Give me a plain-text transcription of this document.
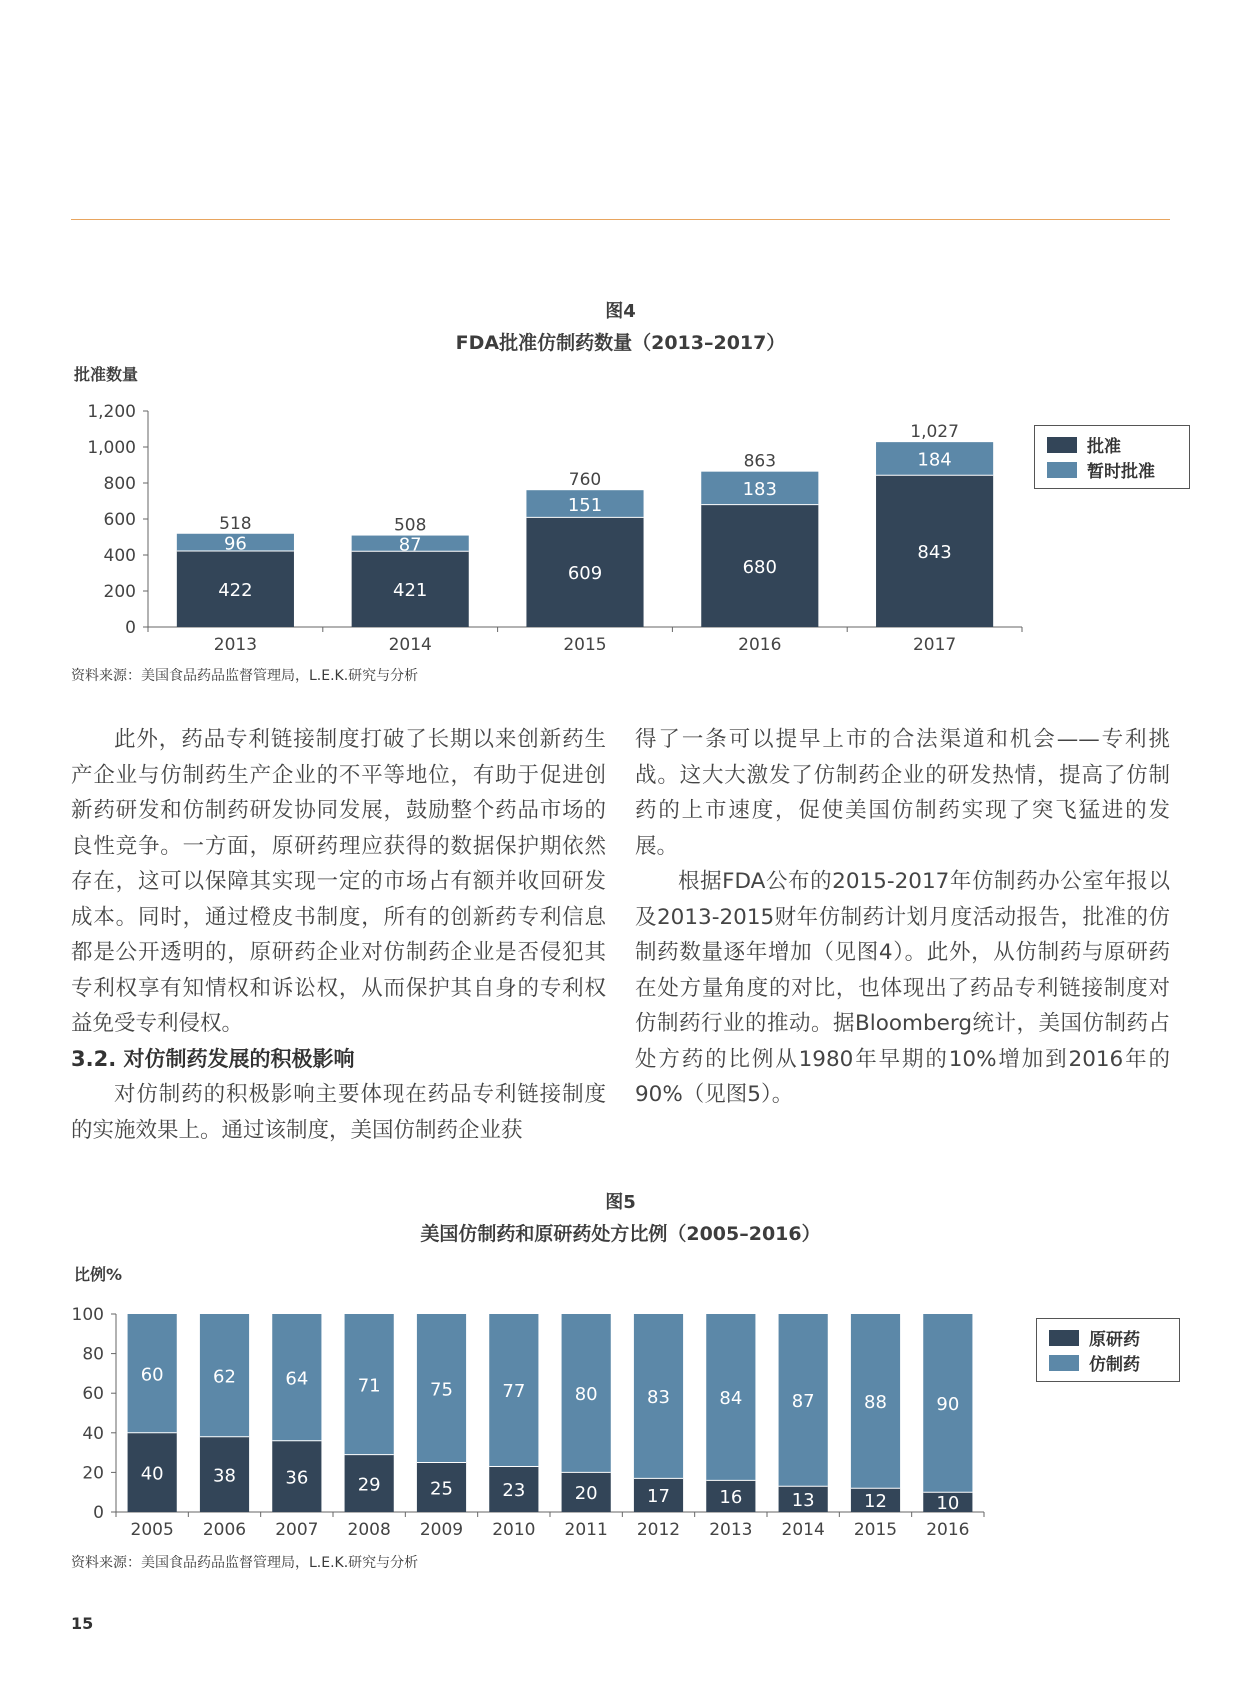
图4
FDA批准仿制药数量（2013–2017）
批准数量
0
200
400
600
800
1,000
1,200
422
96
518
2013
421
87
508
2014
609
151
760
2015
680
183
863
2016
843
184
1,027
2017
批准
暂时批准
资料来源：美国食品药品监督管理局，L.E.K.研究与分析

此外，药品专利链接制度打破了长期以来创新药生产企业与仿制药生产企业的不平等地位，有助于促进创新药研发和仿制药研发协同发展，鼓励整个药品市场的良性竞争。一方面，原研药理应获得的数据保护期依然存在，这可以保障其实现一定的市场占有额并收回研发成本。同时，通过橙皮书制度，所有的创新药专利信息都是公开透明的，原研药企业对仿制药企业是否侵犯其专利权享有知情权和诉讼权，从而保护其自身的专利权益免受专利侵权。

3.2. 对仿制药发展的积极影响

对仿制药的积极影响主要体现在药品专利链接制度的实施效果上。通过该制度，美国仿制药企业获

得了一条可以提早上市的合法渠道和机会——专利挑战。这大大激发了仿制药企业的研发热情，提高了仿制药的上市速度，促使美国仿制药实现了突飞猛进的发展。

根据FDA公布的2015-2017年仿制药办公室年报以及2013-2015财年仿制药计划月度活动报告，批准的仿制药数量逐年增加（见图4）。此外，从仿制药与原研药在处方量角度的对比，也体现出了药品专利链接制度对仿制药行业的推动。据Bloomberg统计，美国仿制药占处方药的比例从1980年早期的10%增加到2016年的90%（见图5）。

图5
美国仿制药和原研药处方比例（2005–2016）
比例%
0
20
40
60
80
100
40
60
2005
38
62
2006
36
64
2007
29
71
2008
25
75
2009
23
77
2010
20
80
2011
17
83
2012
16
84
2013
13
87
2014
12
88
2015
10
90
2016
原研药
仿制药
资料来源：美国食品药品监督管理局，L.E.K.研究与分析
15
